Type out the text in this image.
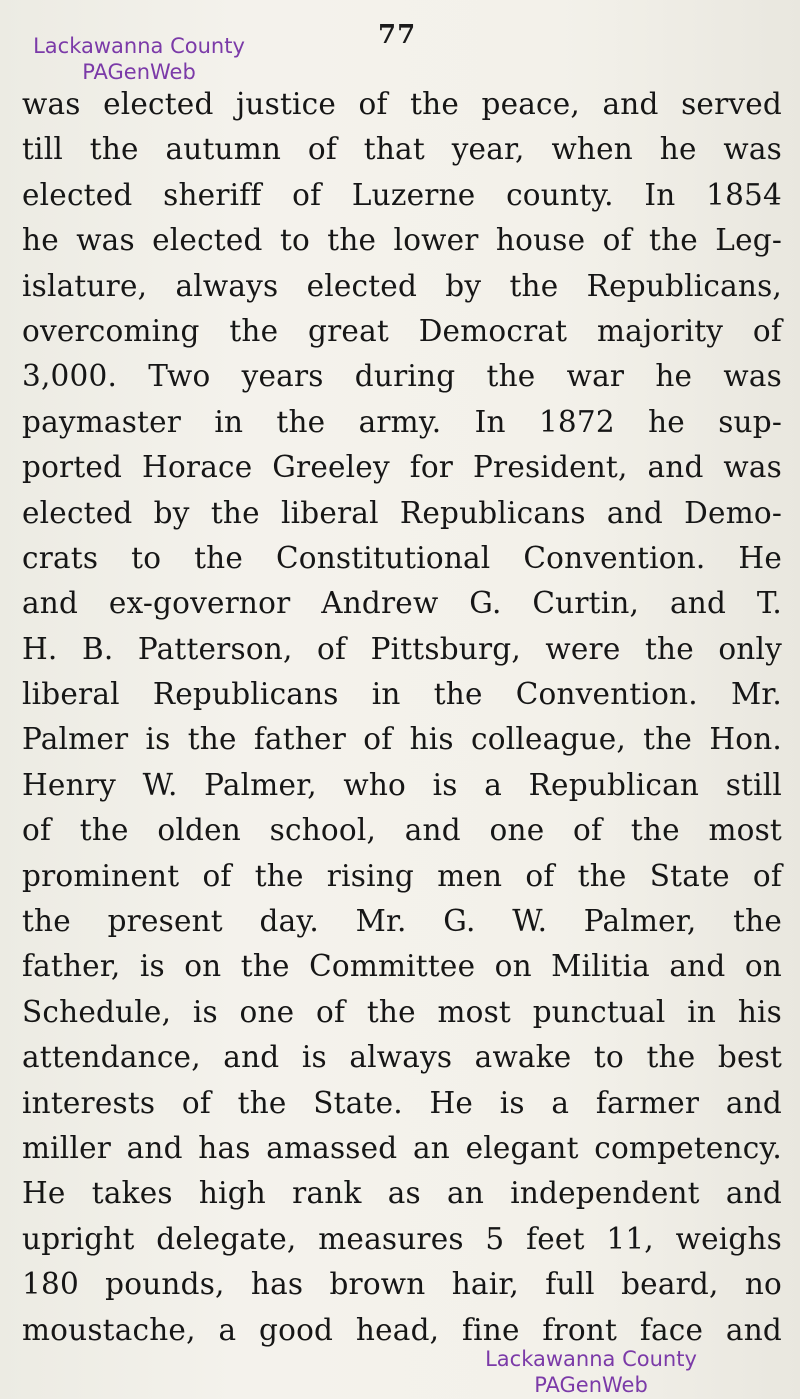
Lackawanna County
PAGenWeb
77
was elected justice of the peace, and served
till the autumn of that year, when he was
elected sheriff of Luzerne county. In 1854
he was elected to the lower house of the Leg-
islature, always elected by the Republicans,
overcoming the great Democrat majority of
3,000. Two years during the war he was
paymaster in the army. In 1872 he sup-
ported Horace Greeley for President, and was
elected by the liberal Republicans and Demo-
crats to the Constitutional Convention. He
and ex-governor Andrew G. Curtin, and T.
H. B. Patterson, of Pittsburg, were the only
liberal Republicans in the Convention. Mr.
Palmer is the father of his colleague, the Hon.
Henry W. Palmer, who is a Republican still
of the olden school, and one of the most
prominent of the rising men of the State of
the present day. Mr. G. W. Palmer, the
father, is on the Committee on Militia and on
Schedule, is one of the most punctual in his
attendance, and is always awake to the best
interests of the State. He is a farmer and
miller and has amassed an elegant competency.
He takes high rank as an independent and
upright delegate, measures 5 feet 11, weighs
180 pounds, has brown hair, full beard, no
moustache, a good head, fine front face and
Lackawanna County
PAGenWeb
